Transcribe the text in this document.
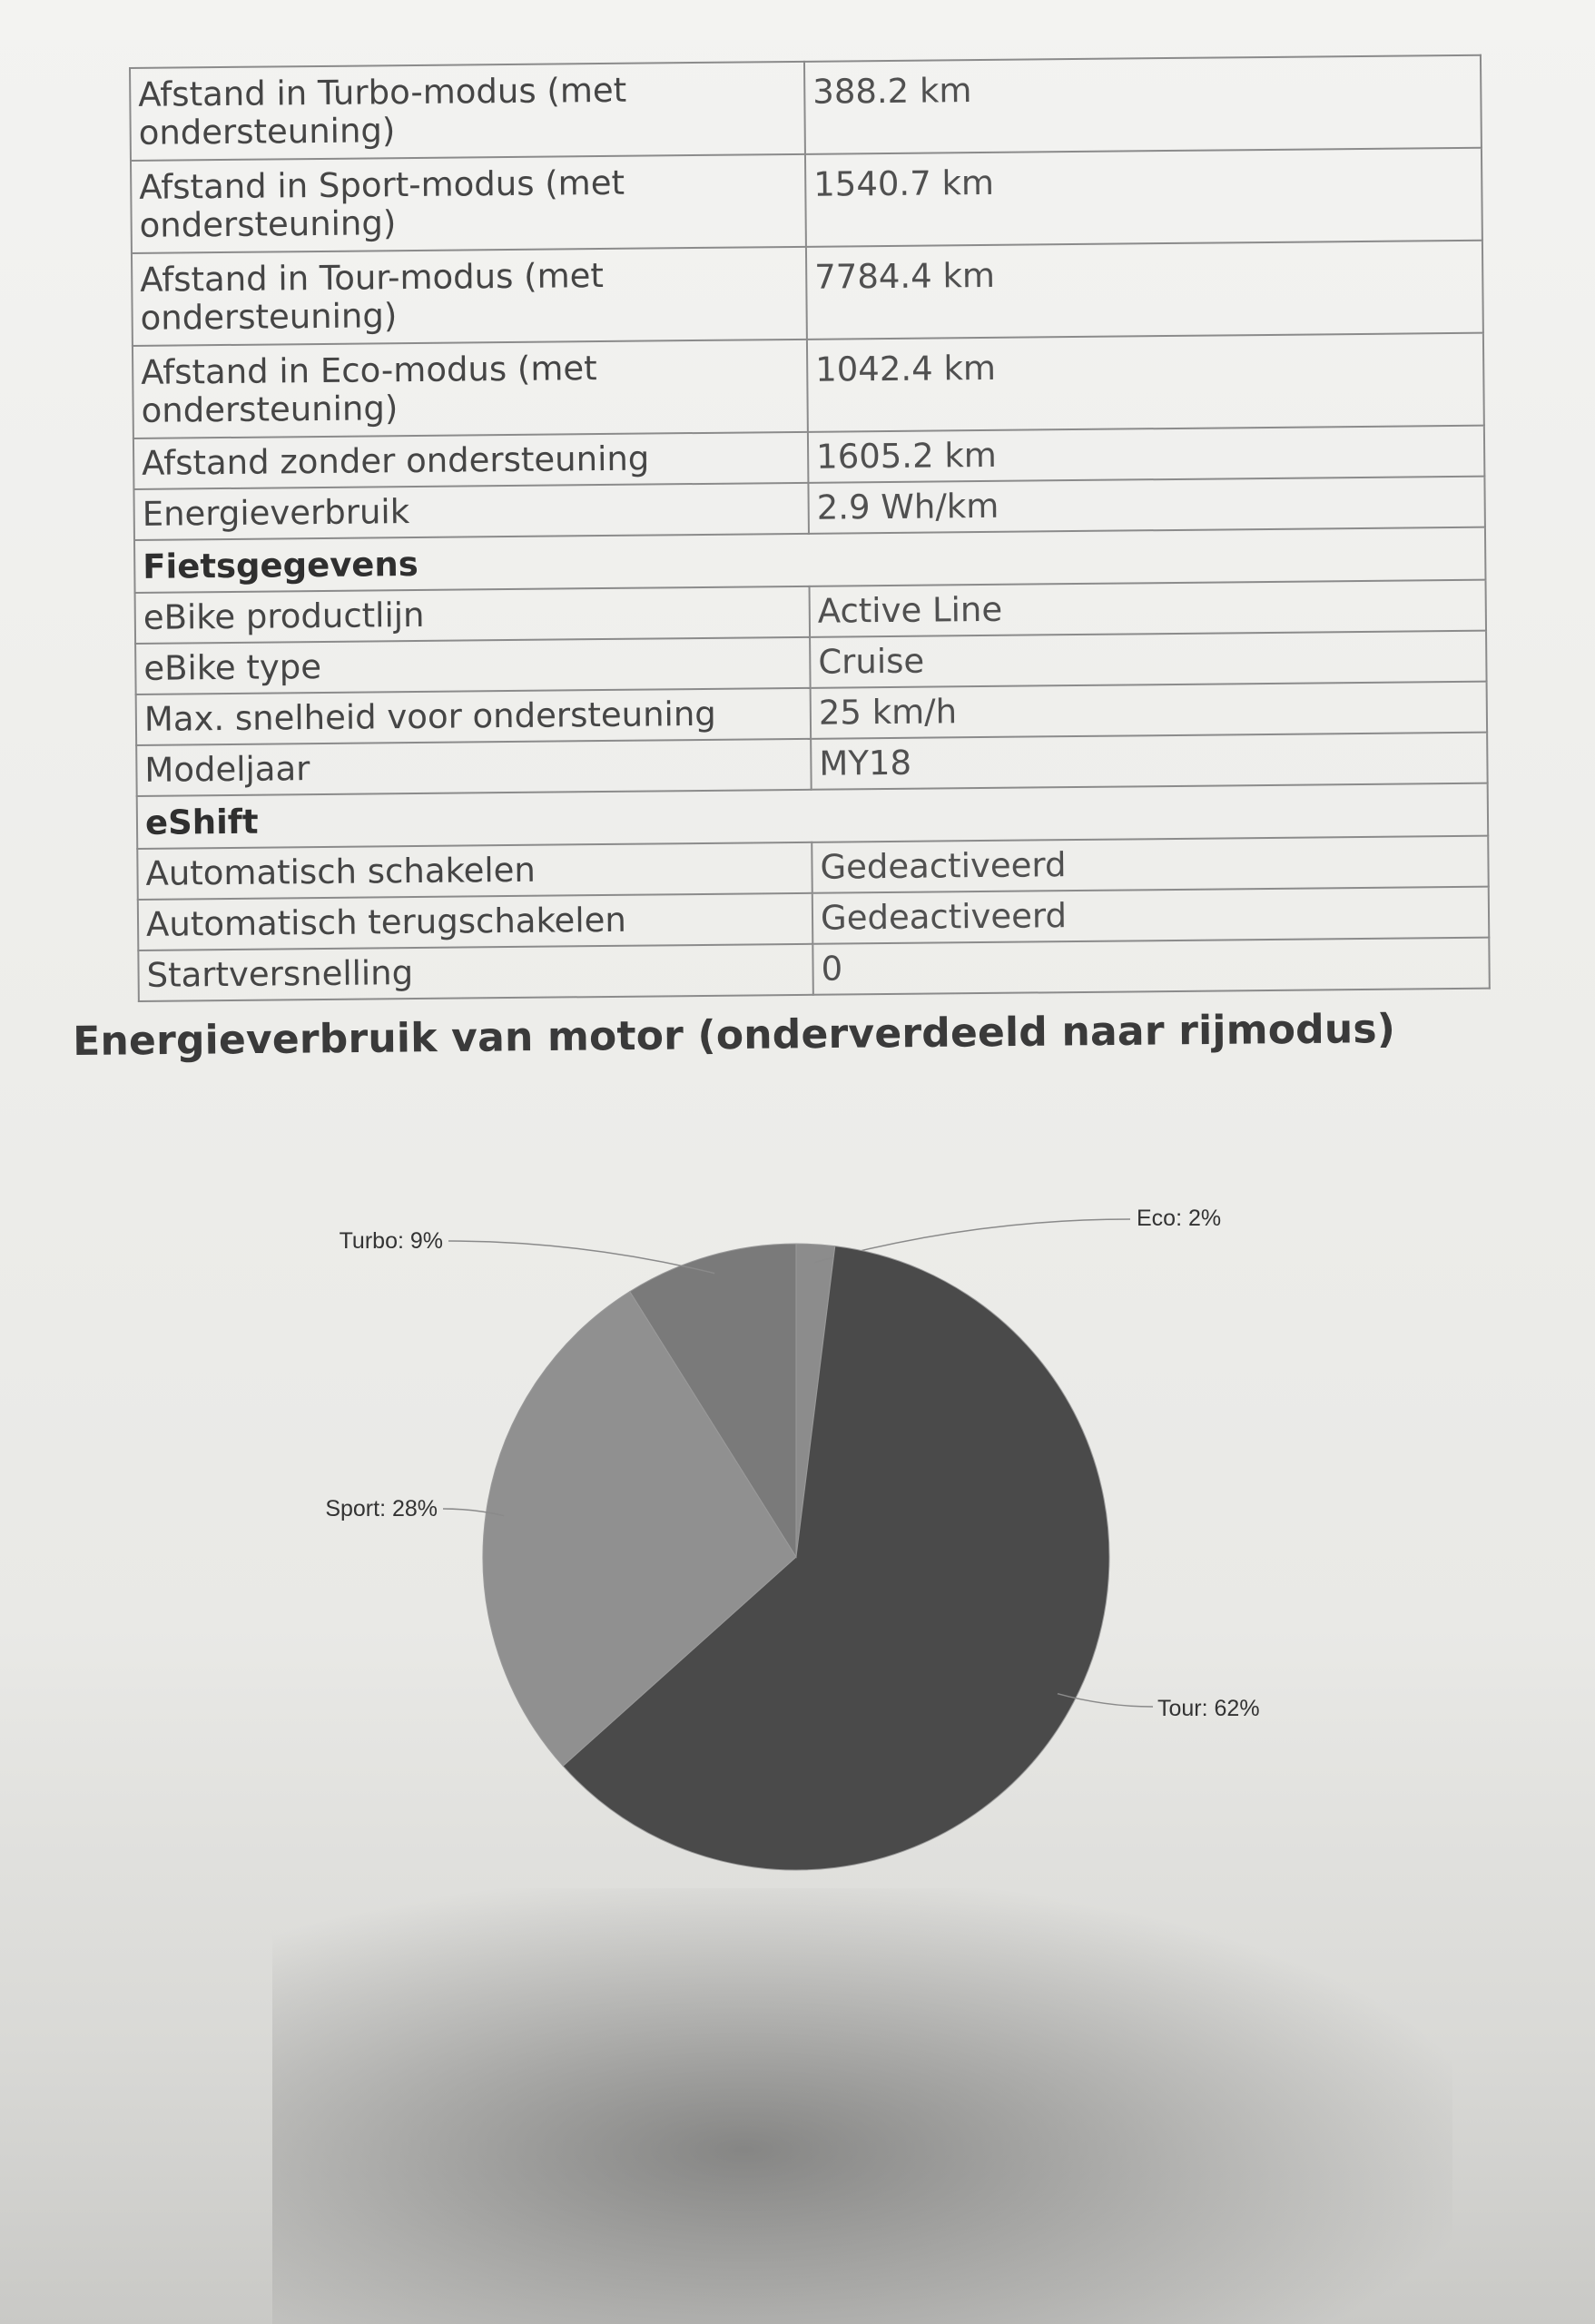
Afstand in Turbo-modus (met ondersteuning)	388.2 km
Afstand in Sport-modus (met ondersteuning)	1540.7 km
Afstand in Tour-modus (met ondersteuning)	7784.4 km
Afstand in Eco-modus (met ondersteuning)	1042.4 km
Afstand zonder ondersteuning	1605.2 km
Energieverbruik	2.9 Wh/km
Fietsgegevens	
eBike productlijn	Active Line
eBike type	Cruise
Max. snelheid voor ondersteuning	25 km/h
Modeljaar	MY18
eShift	
Automatisch schakelen	Gedeactiveerd
Automatisch terugschakelen	Gedeactiveerd
Startversnelling	0
Energieverbruik van motor (onderverdeeld naar rijmodus)
Eco: 2%
Tour: 62%
Sport: 28%
Turbo: 9%
